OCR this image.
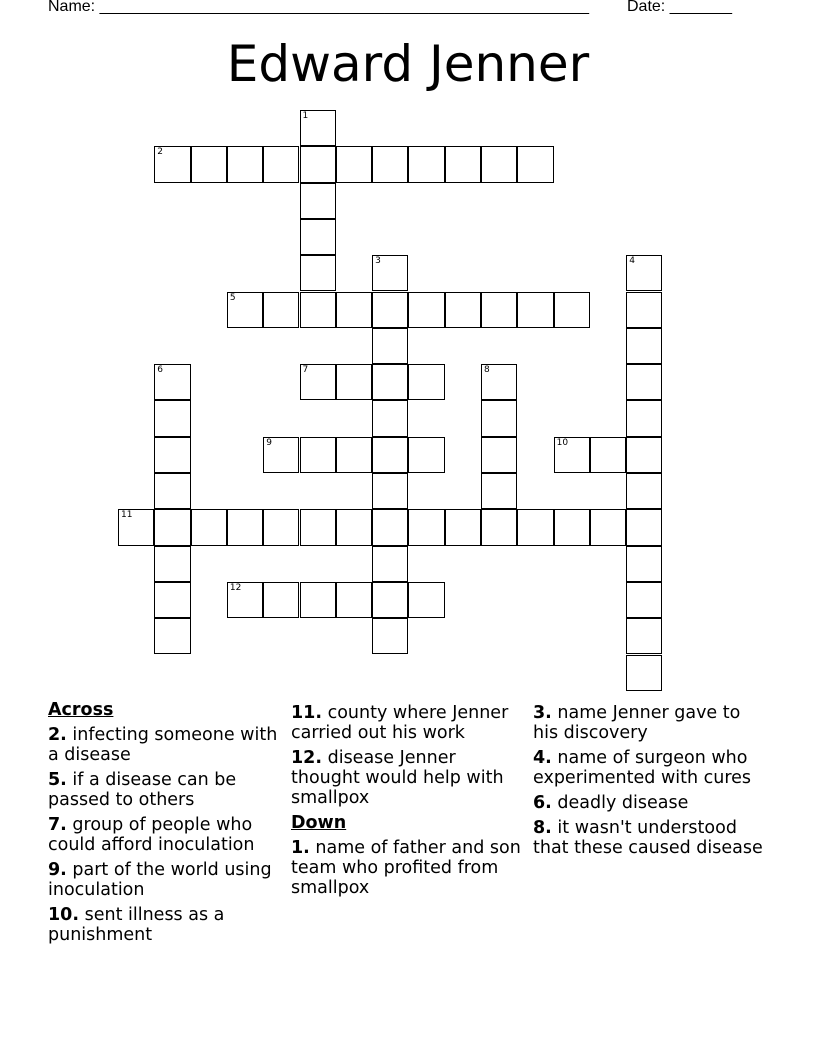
Name: _______________________________________________________

Date: _______

Edward Jenner
1
2
3	4
5
6	7	8
9	10
11
12
Across
2. infecting someone with a disease
5. if a disease can be passed to others
7. group of people who could afford inoculation
9. part of the world using inoculation
10. sent illness as a punishment
11. county where Jenner carried out his work
12. disease Jenner thought would help with smallpox
Down
1. name of father and son team who profited from smallpox
3. name Jenner gave to his discovery
4. name of surgeon who experimented with cures
6. deadly disease
8. it wasn't understood that these caused disease
